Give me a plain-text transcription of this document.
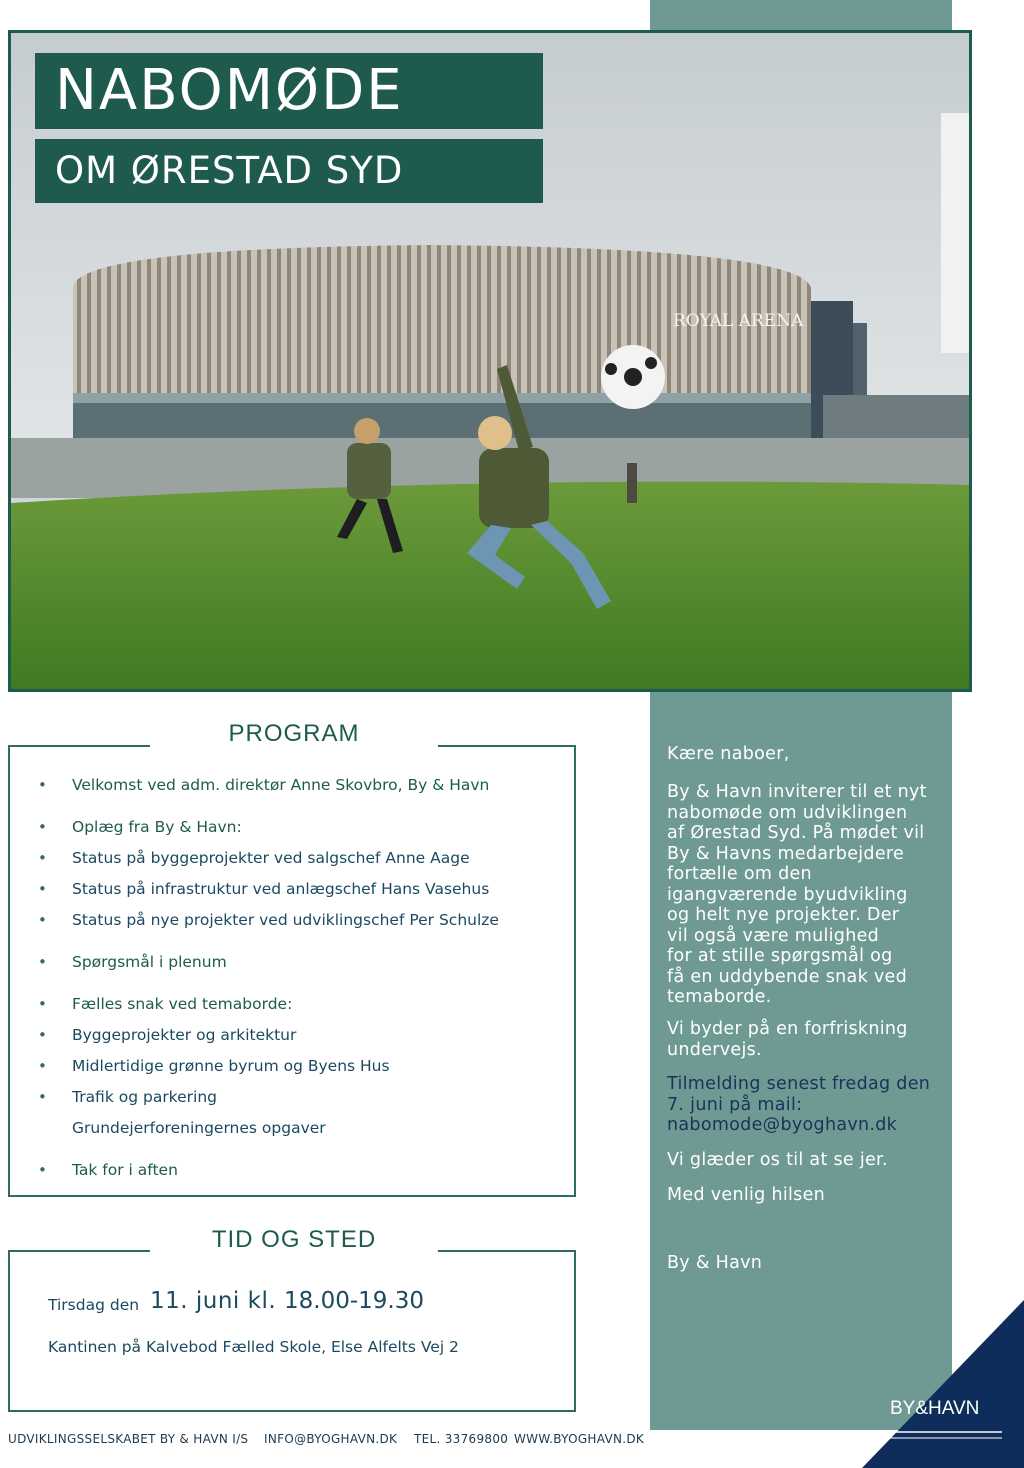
ROYAL ARENA
NABOMØDE
OM ØRESTAD SYD
PROGRAM
• Velkomst ved adm. direktør Anne Skovbro, By & Havn
• Oplæg fra By & Havn:
• Status på byggeprojekter ved salgschef Anne Aage
• Status på infrastruktur ved anlægschef Hans Vasehus
• Status på nye projekter ved udviklingschef Per Schulze
• Spørgsmål i plenum
• Fælles snak ved temaborde:
• Byggeprojekter og arkitektur
• Midlertidige grønne byrum og Byens Hus
• Trafik og parkering
Grundejerforeningernes opgaver
• Tak for i aften
TID OG STED
Tirsdag den 11. juni kl. 18.00-19.30
Kantinen på Kalvebod Fælled Skole, Else Alfelts Vej 2
Kære naboer,
By & Havn inviterer til et nyt
nabomøde om udviklingen
af Ørestad Syd. På mødet vil
By & Havns medarbejdere
fortælle om den
igangværende byudvikling
og helt nye projekter. Der
vil også være mulighed
for at stille spørgsmål og
få en uddybende snak ved
temaborde.
Vi byder på en forfriskning
undervejs.
Tilmelding senest fredag den
7. juni på mail:
nabomode@byoghavn.dk
Vi glæder os til at se jer.
Med venlig hilsen
By & Havn
UDVIKLINGSSELSKABET BY & HAVN I/S INFO@BYOGHAVN.DK TEL. 33769800 WWW.BYOGHAVN.DK
BY&HAVN
